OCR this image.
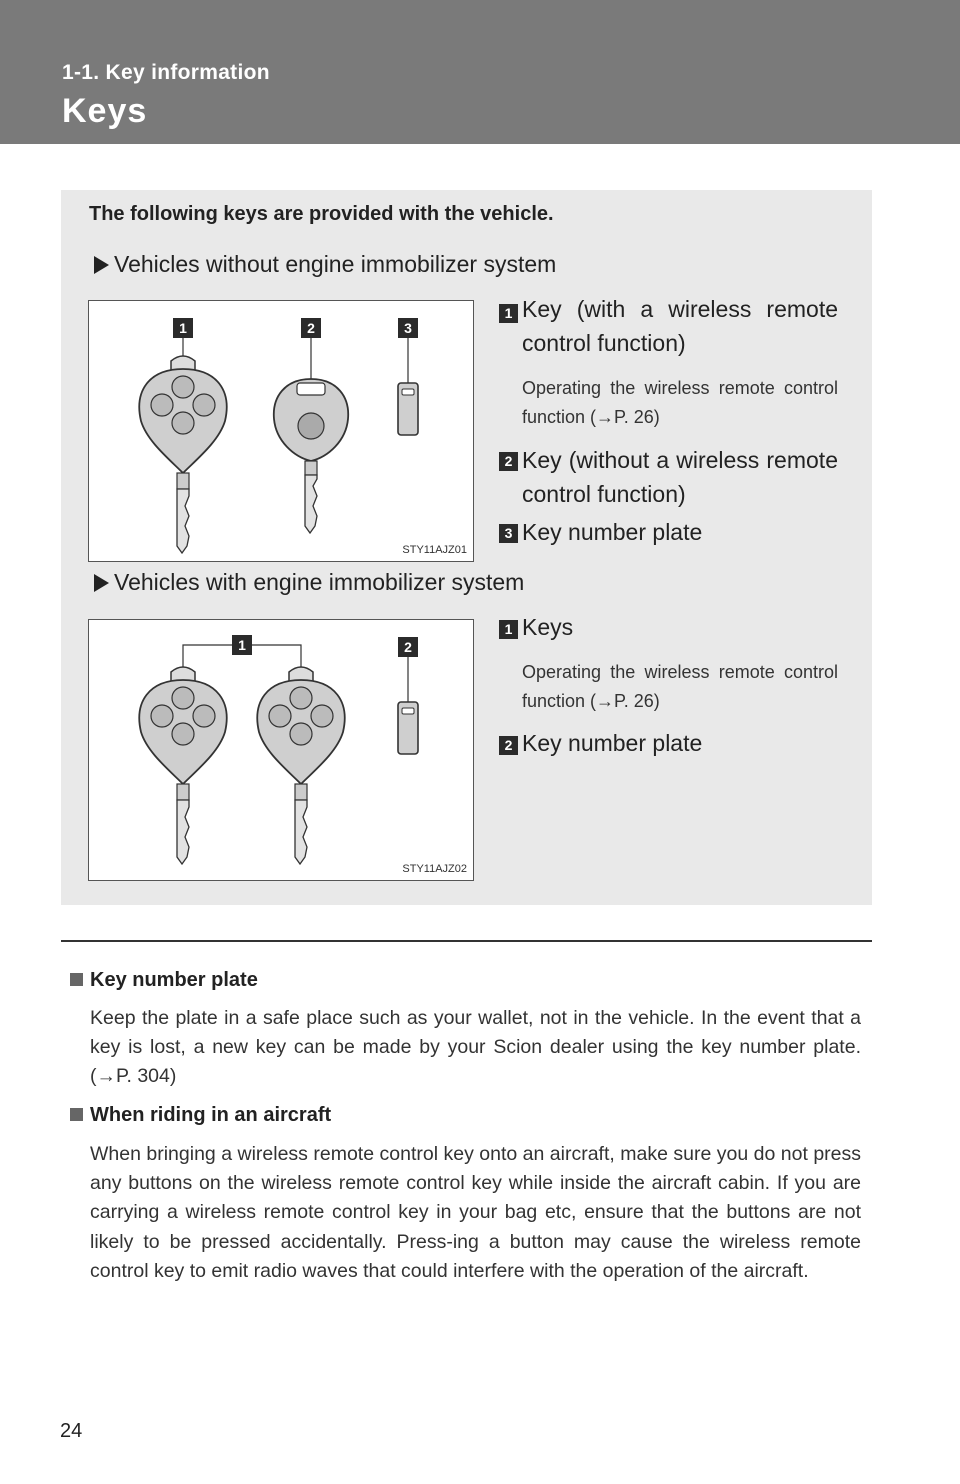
1-1. Key information
Keys
The following keys are provided with the vehicle.
Vehicles without engine immobilizer system
1	2	3
STY11AJZ01
1 Key (with a wireless remote control function)
Operating the wireless remote control function (→P. 26)
2 Key (without a wireless remote control function)
3 Key number plate
Vehicles with engine immobilizer system
1	2
STY11AJZ02
1 Keys
Operating the wireless remote control function (→P. 26)
2 Key number plate
Key number plate
Keep the plate in a safe place such as your wallet, not in the vehicle. In the event that a key is lost, a new key can be made by your Scion dealer using the key number plate. (→P. 304)
When riding in an aircraft
When bringing a wireless remote control key onto an aircraft, make sure you do not press any buttons on the wireless remote control key while inside the aircraft cabin. If you are carrying a wireless remote control key in your bag etc, ensure that the buttons are not likely to be pressed accidentally. Press-ing a button may cause the wireless remote control key to emit radio waves that could interfere with the operation of the aircraft.
24
